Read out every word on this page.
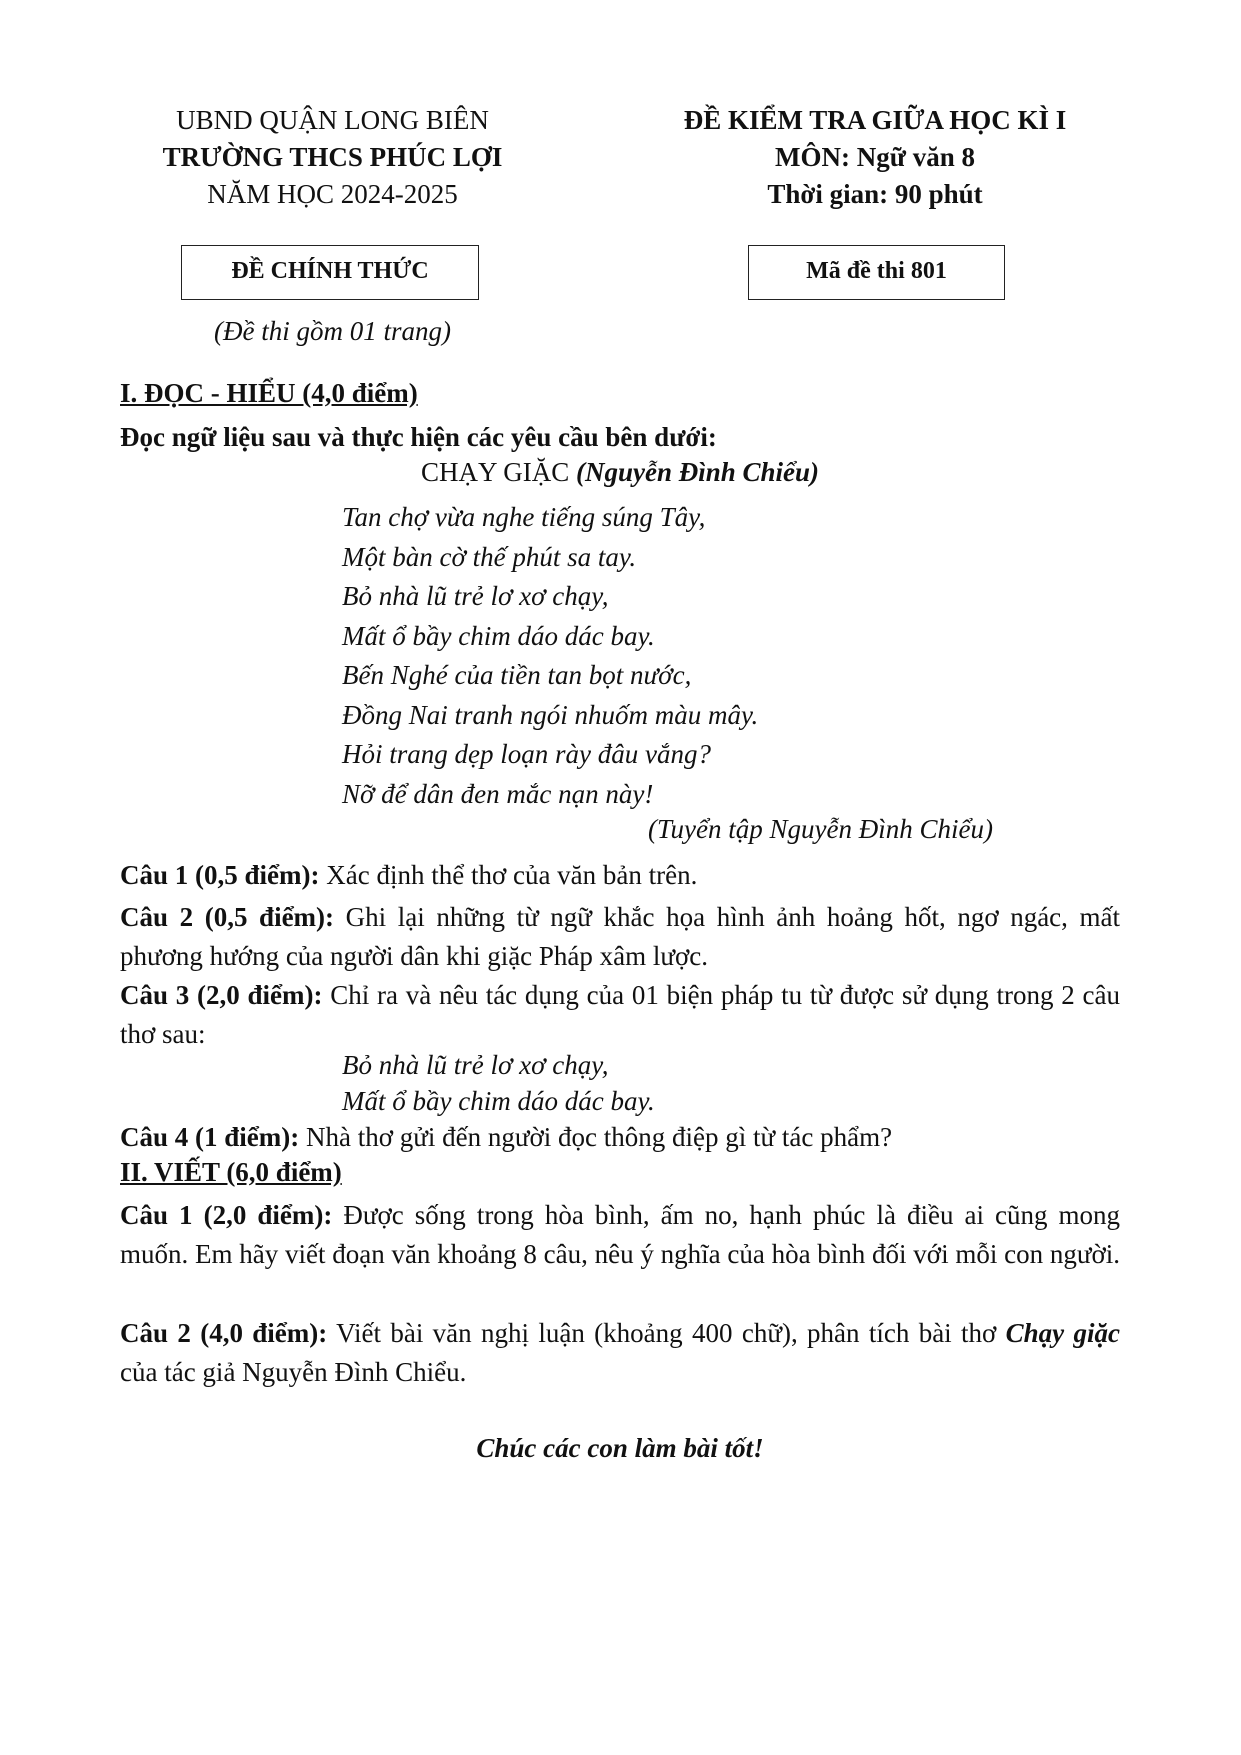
UBND QUẬN LONG BIÊN
TRƯỜNG THCS PHÚC LỢI
NĂM HỌC 2024-2025
ĐỀ CHÍNH THỨC
(Đề thi gồm 01 trang)
ĐỀ KIỂM TRA GIỮA HỌC KÌ I
MÔN: Ngữ văn 8
Thời gian: 90 phút
Mã đề thi 801
I. ĐỌC - HIỂU (4,0 điểm)
Đọc ngữ liệu sau và thực hiện các yêu cầu bên dưới:
CHẠY GIẶC (Nguyễn Đình Chiểu)
Tan chợ vừa nghe tiếng súng Tây,
Một bàn cờ thế phút sa tay.
Bỏ nhà lũ trẻ lơ xơ chạy,
Mất ổ bầy chim dáo dác bay.
Bến Nghé của tiền tan bọt nước,
Đồng Nai tranh ngói nhuốm màu mây.
Hỏi trang dẹp loạn rày đâu vắng?
Nỡ để dân đen mắc nạn này!
(Tuyển tập Nguyễn Đình Chiểu)
Câu 1 (0,5 điểm): Xác định thể thơ của văn bản trên.
Câu 2 (0,5 điểm): Ghi lại những từ ngữ khắc họa hình ảnh hoảng hốt, ngơ ngác, mất phương hướng của người dân khi giặc Pháp xâm lược.
Câu 3 (2,0 điểm): Chỉ ra và nêu tác dụng của 01 biện pháp tu từ được sử dụng trong 2 câu thơ sau:
Bỏ nhà lũ trẻ lơ xơ chạy,
Mất ổ bầy chim dáo dác bay.
Câu 4 (1 điểm): Nhà thơ gửi đến người đọc thông điệp gì từ tác phẩm?
II. VIẾT (6,0 điểm)
Câu 1 (2,0 điểm): Được sống trong hòa bình, ấm no, hạnh phúc là điều ai cũng mong muốn. Em hãy viết đoạn văn khoảng 8 câu, nêu ý nghĩa của hòa bình đối với mỗi con người.
Câu 2 (4,0 điểm): Viết bài văn nghị luận (khoảng 400 chữ), phân tích bài thơ Chạy giặc của tác giả Nguyễn Đình Chiểu.
Chúc các con làm bài tốt!
